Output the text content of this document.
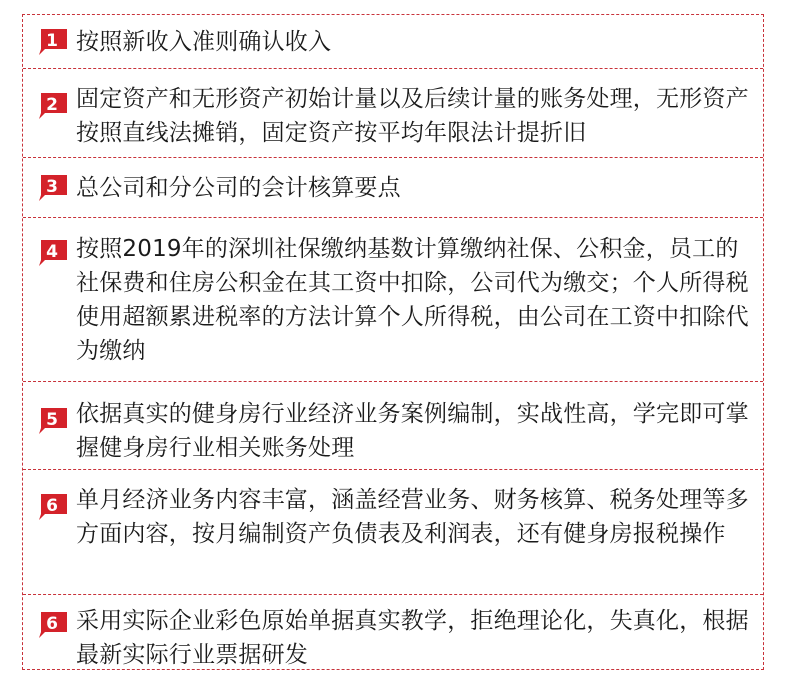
1 按照新收入准则确认收入
2 固定资产和无形资产初始计量以及后续计量的账务处理，无形资产按照直线法摊销，固定资产按平均年限法计提折旧
3 总公司和分公司的会计核算要点
4 按照2019年的深圳社保缴纳基数计算缴纳社保、公积金，员工的社保费和住房公积金在其工资中扣除，公司代为缴交；个人所得税使用超额累进税率的方法计算个人所得税，由公司在工资中扣除代为缴纳
5 依据真实的健身房行业经济业务案例编制，实战性高，学完即可掌握健身房行业相关账务处理
6 单月经济业务内容丰富，涵盖经营业务、财务核算、税务处理等多方面内容，按月编制资产负债表及利润表，还有健身房报税操作
6 采用实际企业彩色原始单据真实教学，拒绝理论化，失真化，根据最新实际行业票据研发
